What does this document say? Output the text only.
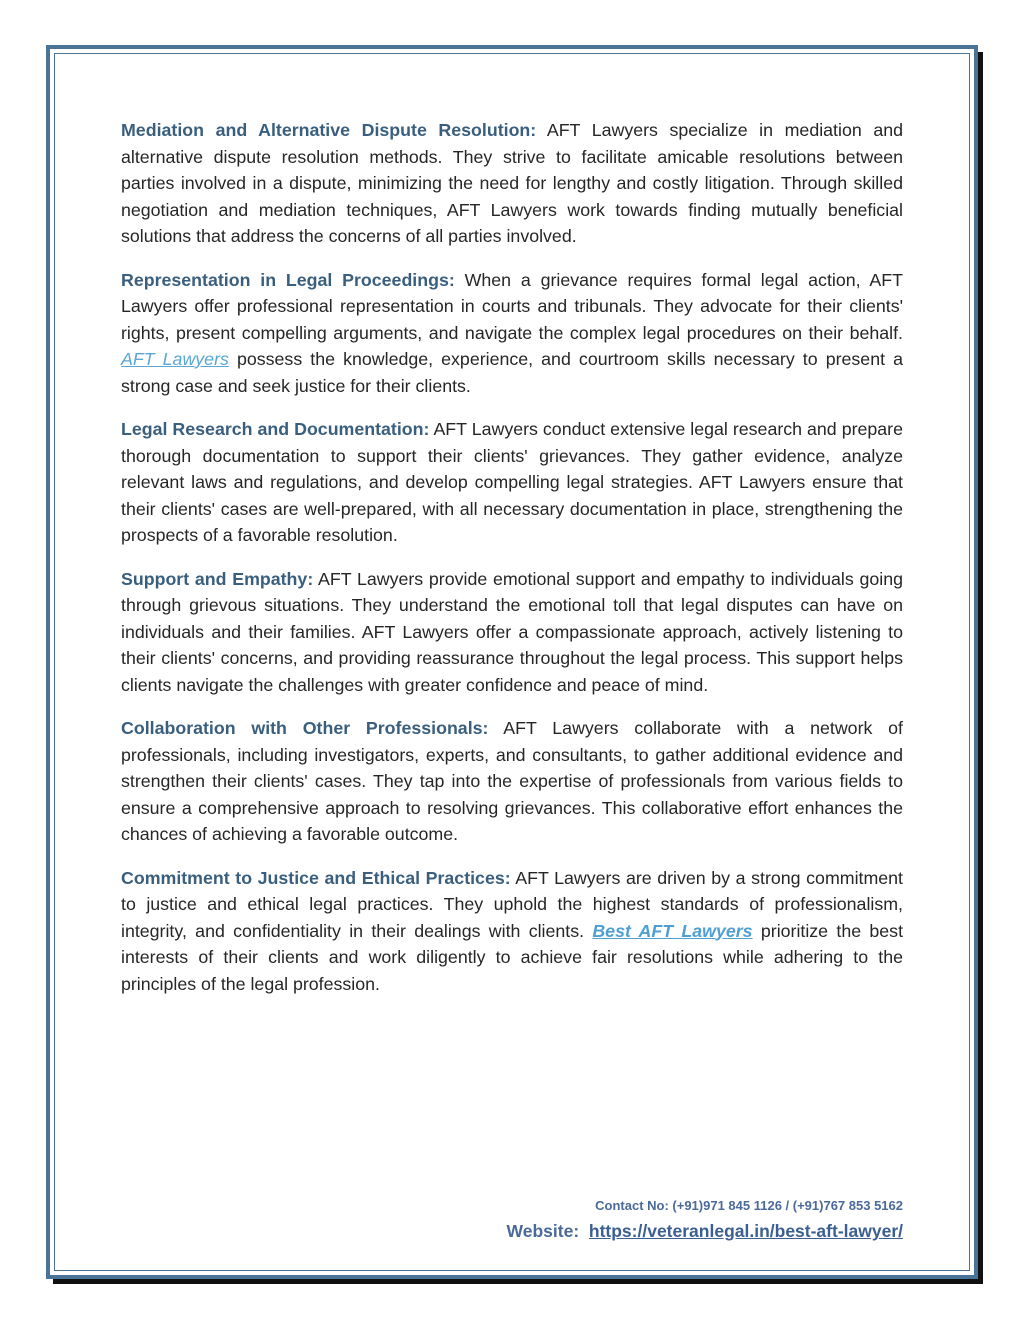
Mediation and Alternative Dispute Resolution: AFT Lawyers specialize in mediation and alternative dispute resolution methods. They strive to facilitate amicable resolutions between parties involved in a dispute, minimizing the need for lengthy and costly litigation. Through skilled negotiation and mediation techniques, AFT Lawyers work towards finding mutually beneficial solutions that address the concerns of all parties involved.

Representation in Legal Proceedings: When a grievance requires formal legal action, AFT Lawyers offer professional representation in courts and tribunals. They advocate for their clients' rights, present compelling arguments, and navigate the complex legal procedures on their behalf. AFT Lawyers possess the knowledge, experience, and courtroom skills necessary to present a strong case and seek justice for their clients.

Legal Research and Documentation: AFT Lawyers conduct extensive legal research and prepare thorough documentation to support their clients' grievances. They gather evidence, analyze relevant laws and regulations, and develop compelling legal strategies. AFT Lawyers ensure that their clients' cases are well-prepared, with all necessary documentation in place, strengthening the prospects of a favorable resolution.

Support and Empathy: AFT Lawyers provide emotional support and empathy to individuals going through grievous situations. They understand the emotional toll that legal disputes can have on individuals and their families. AFT Lawyers offer a compassionate approach, actively listening to their clients' concerns, and providing reassurance throughout the legal process. This support helps clients navigate the challenges with greater confidence and peace of mind.

Collaboration with Other Professionals: AFT Lawyers collaborate with a network of professionals, including investigators, experts, and consultants, to gather additional evidence and strengthen their clients' cases. They tap into the expertise of professionals from various fields to ensure a comprehensive approach to resolving grievances. This collaborative effort enhances the chances of achieving a favorable outcome.

Commitment to Justice and Ethical Practices: AFT Lawyers are driven by a strong commitment to justice and ethical legal practices. They uphold the highest standards of professionalism, integrity, and confidentiality in their dealings with clients. Best AFT Lawyers prioritize the best interests of their clients and work diligently to achieve fair resolutions while adhering to the principles of the legal profession.

Contact No: (+91)971 845 1126 / (+91)767 853 5162
Website: https://veteranlegal.in/best-aft-lawyer/
